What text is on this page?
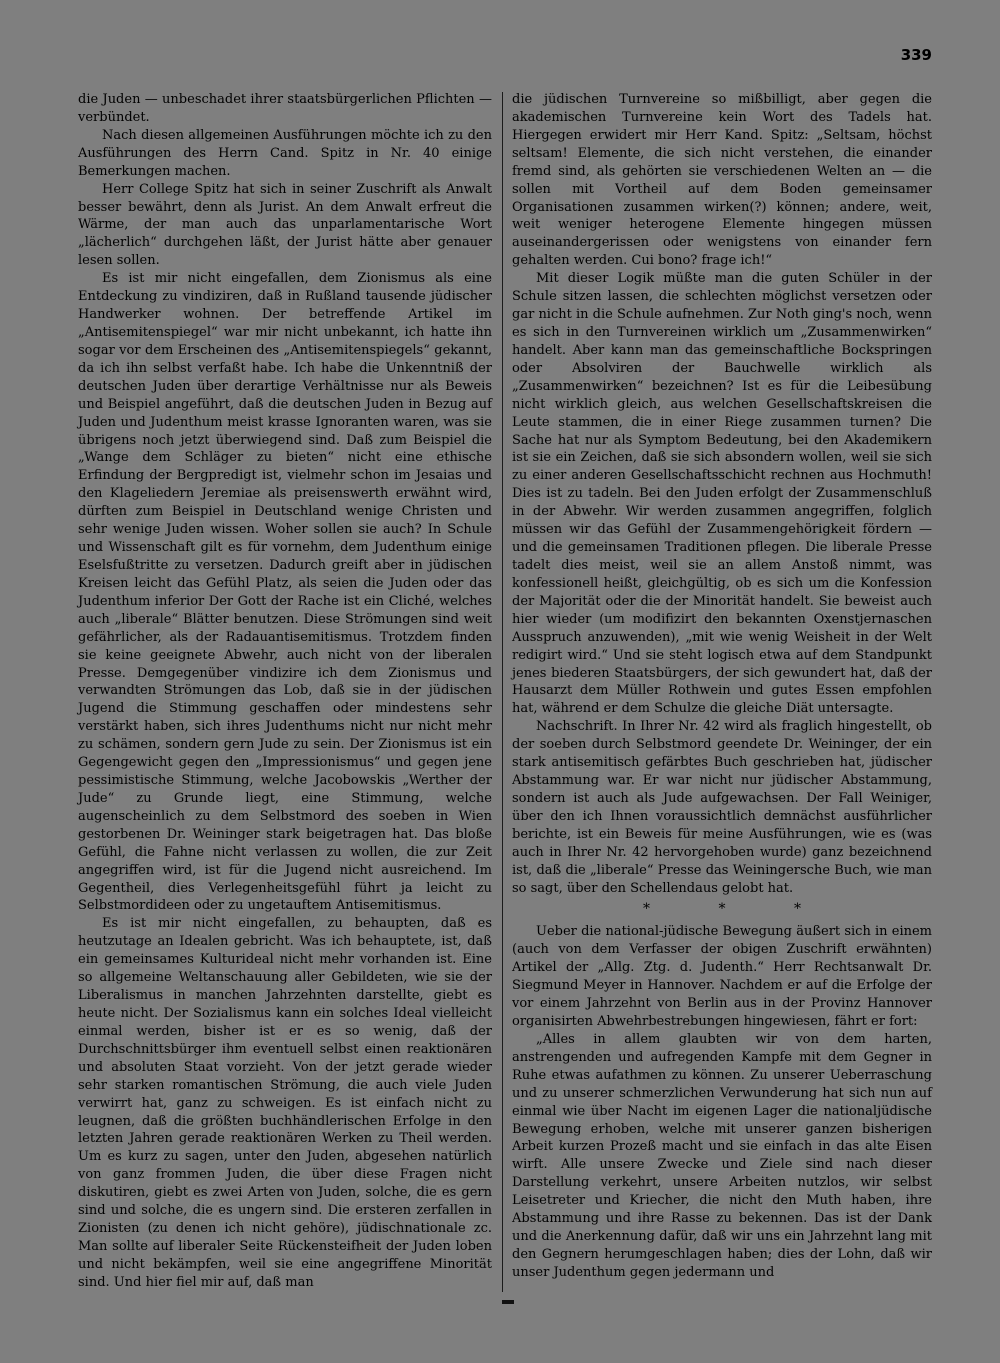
339

die Juden — unbeschadet ihrer staatsbürgerlichen Pflichten — verbündet.

Nach diesen allgemeinen Ausführungen möchte ich zu den Ausführungen des Herrn Cand. Spitz in Nr. 40 einige Bemerkungen machen.

Herr College Spitz hat sich in seiner Zuschrift als Anwalt besser bewährt, denn als Jurist. An dem Anwalt erfreut die Wärme, der man auch das unparlamentarische Wort „lächerlich“ durchgehen läßt, der Jurist hätte aber genauer lesen sollen.

Es ist mir nicht eingefallen, dem Zionismus als eine Entdeckung zu vindiziren, daß in Rußland tausende jüdischer Handwerker wohnen. Der betreffende Artikel im „Antisemitenspiegel“ war mir nicht unbekannt, ich hatte ihn sogar vor dem Erscheinen des „Antisemitenspiegels“ gekannt, da ich ihn selbst verfaßt habe. Ich habe die Unkenntniß der deutschen Juden über derartige Verhältnisse nur als Beweis und Beispiel angeführt, daß die deutschen Juden in Bezug auf Juden und Judenthum meist krasse Ignoranten waren, was sie übrigens noch jetzt überwiegend sind. Daß zum Beispiel die „Wange dem Schläger zu bieten“ nicht eine ethische Erfindung der Bergpredigt ist, vielmehr schon im Jesaias und den Klageliedern Jeremiae als preisenswerth erwähnt wird, dürften zum Beispiel in Deutschland wenige Christen und sehr wenige Juden wissen. Woher sollen sie auch? In Schule und Wissenschaft gilt es für vornehm, dem Judenthum einige Eselsfußtritte zu versetzen. Dadurch greift aber in jüdischen Kreisen leicht das Gefühl Platz, als seien die Juden oder das Judenthum inferior Der Gott der Rache ist ein Cliché, welches auch „liberale“ Blätter benutzen. Diese Strömungen sind weit gefährlicher, als der Radauantisemitismus. Trotzdem finden sie keine geeignete Abwehr, auch nicht von der liberalen Presse. Demgegenüber vindizire ich dem Zionismus und verwandten Strömungen das Lob, daß sie in der jüdischen Jugend die Stimmung geschaffen oder mindestens sehr verstärkt haben, sich ihres Judenthums nicht nur nicht mehr zu schämen, sondern gern Jude zu sein. Der Zionismus ist ein Gegengewicht gegen den „Impressionismus“ und gegen jene pessimistische Stimmung, welche Jacobowskis „Werther der Jude“ zu Grunde liegt, eine Stimmung, welche augenscheinlich zu dem Selbstmord des soeben in Wien gestorbenen Dr. Weininger stark beigetragen hat. Das bloße Gefühl, die Fahne nicht verlassen zu wollen, die zur Zeit angegriffen wird, ist für die Jugend nicht ausreichend. Im Gegentheil, dies Verlegenheitsgefühl führt ja leicht zu Selbstmordideen oder zu ungetauftem Antisemitismus.

Es ist mir nicht eingefallen, zu behaupten, daß es heutzutage an Idealen gebricht. Was ich behauptete, ist, daß ein gemeinsames Kulturideal nicht mehr vorhanden ist. Eine so allgemeine Weltanschauung aller Gebildeten, wie sie der Liberalismus in manchen Jahrzehnten darstellte, giebt es heute nicht. Der Sozialismus kann ein solches Ideal vielleicht einmal werden, bisher ist er es so wenig, daß der Durchschnittsbürger ihm eventuell selbst einen reaktionären und absoluten Staat vorzieht. Von der jetzt gerade wieder sehr starken romantischen Strömung, die auch viele Juden verwirrt hat, ganz zu schweigen. Es ist einfach nicht zu leugnen, daß die größten buchhändlerischen Erfolge in den letzten Jahren gerade reaktionären Werken zu Theil werden. Um es kurz zu sagen, unter den Juden, abgesehen natürlich von ganz frommen Juden, die über diese Fragen nicht diskutiren, giebt es zwei Arten von Juden, solche, die es gern sind und solche, die es ungern sind. Die ersteren zerfallen in Zionisten (zu denen ich nicht gehöre), jüdischnationale zc. Man sollte auf liberaler Seite Rückensteifheit der Juden loben und nicht bekämpfen, weil sie eine angegriffene Minorität sind. Und hier fiel mir auf, daß man

die jüdischen Turnvereine so mißbilligt, aber gegen die akademischen Turnvereine kein Wort des Tadels hat. Hiergegen erwidert mir Herr Kand. Spitz: „Seltsam, höchst seltsam! Elemente, die sich nicht verstehen, die einander fremd sind, als gehörten sie verschiedenen Welten an — die sollen mit Vortheil auf dem Boden gemeinsamer Organisationen zusammen wirken(?) können; andere, weit, weit weniger heterogene Elemente hingegen müssen auseinandergerissen oder wenigstens von einander fern gehalten werden. Cui bono? frage ich!“

Mit dieser Logik müßte man die guten Schüler in der Schule sitzen lassen, die schlechten möglichst versetzen oder gar nicht in die Schule aufnehmen. Zur Noth ging's noch, wenn es sich in den Turnvereinen wirklich um „Zusammenwirken“ handelt. Aber kann man das gemeinschaftliche Bockspringen oder Absolviren der Bauchwelle wirklich als „Zusammenwirken“ bezeichnen? Ist es für die Leibesübung nicht wirklich gleich, aus welchen Gesellschaftskreisen die Leute stammen, die in einer Riege zusammen turnen? Die Sache hat nur als Symptom Bedeutung, bei den Akademikern ist sie ein Zeichen, daß sie sich absondern wollen, weil sie sich zu einer anderen Gesellschaftsschicht rechnen aus Hochmuth! Dies ist zu tadeln. Bei den Juden erfolgt der Zusammenschluß in der Abwehr. Wir werden zusammen angegriffen, folglich müssen wir das Gefühl der Zusammengehörigkeit fördern — und die gemeinsamen Traditionen pflegen. Die liberale Presse tadelt dies meist, weil sie an allem Anstoß nimmt, was konfessionell heißt, gleichgültig, ob es sich um die Konfession der Majorität oder die der Minorität handelt. Sie beweist auch hier wieder (um modifizirt den bekannten Oxenstjernaschen Ausspruch anzuwenden), „mit wie wenig Weisheit in der Welt redigirt wird.“ Und sie steht logisch etwa auf dem Standpunkt jenes biederen Staatsbürgers, der sich gewundert hat, daß der Hausarzt dem Müller Rothwein und gutes Essen empfohlen hat, während er dem Schulze die gleiche Diät untersagte.

Nachschrift. In Ihrer Nr. 42 wird als fraglich hingestellt, ob der soeben durch Selbstmord geendete Dr. Weininger, der ein stark antisemitisch gefärbtes Buch geschrieben hat, jüdischer Abstammung war. Er war nicht nur jüdischer Abstammung, sondern ist auch als Jude aufgewachsen. Der Fall Weiniger, über den ich Ihnen voraussichtlich demnächst ausführlicher berichte, ist ein Beweis für meine Ausführungen, wie es (was auch in Ihrer Nr. 42 hervorgehoben wurde) ganz bezeichnend ist, daß die „liberale“ Presse das Weiningersche Buch, wie man so sagt, über den Schellendaus gelobt hat.

*	*	*

Ueber die national-jüdische Bewegung äußert sich in einem (auch von dem Verfasser der obigen Zuschrift erwähnten) Artikel der „Allg. Ztg. d. Judenth.“ Herr Rechtsanwalt Dr. Siegmund Meyer in Hannover. Nachdem er auf die Erfolge der vor einem Jahrzehnt von Berlin aus in der Provinz Hannover organisirten Abwehrbestrebungen hingewiesen, fährt er fort:

„Alles in allem glaubten wir von dem harten, anstrengenden und aufregenden Kampfe mit dem Gegner in Ruhe etwas aufathmen zu können. Zu unserer Ueberraschung und zu unserer schmerzlichen Verwunderung hat sich nun auf einmal wie über Nacht im eigenen Lager die nationaljüdische Bewegung erhoben, welche mit unserer ganzen bisherigen Arbeit kurzen Prozeß macht und sie einfach in das alte Eisen wirft. Alle unsere Zwecke und Ziele sind nach dieser Darstellung verkehrt, unsere Arbeiten nutzlos, wir selbst Leisetreter und Kriecher, die nicht den Muth haben, ihre Abstammung und ihre Rasse zu bekennen. Das ist der Dank und die Anerkennung dafür, daß wir uns ein Jahrzehnt lang mit den Gegnern herumgeschlagen haben; dies der Lohn, daß wir unser Judenthum gegen jedermann und
